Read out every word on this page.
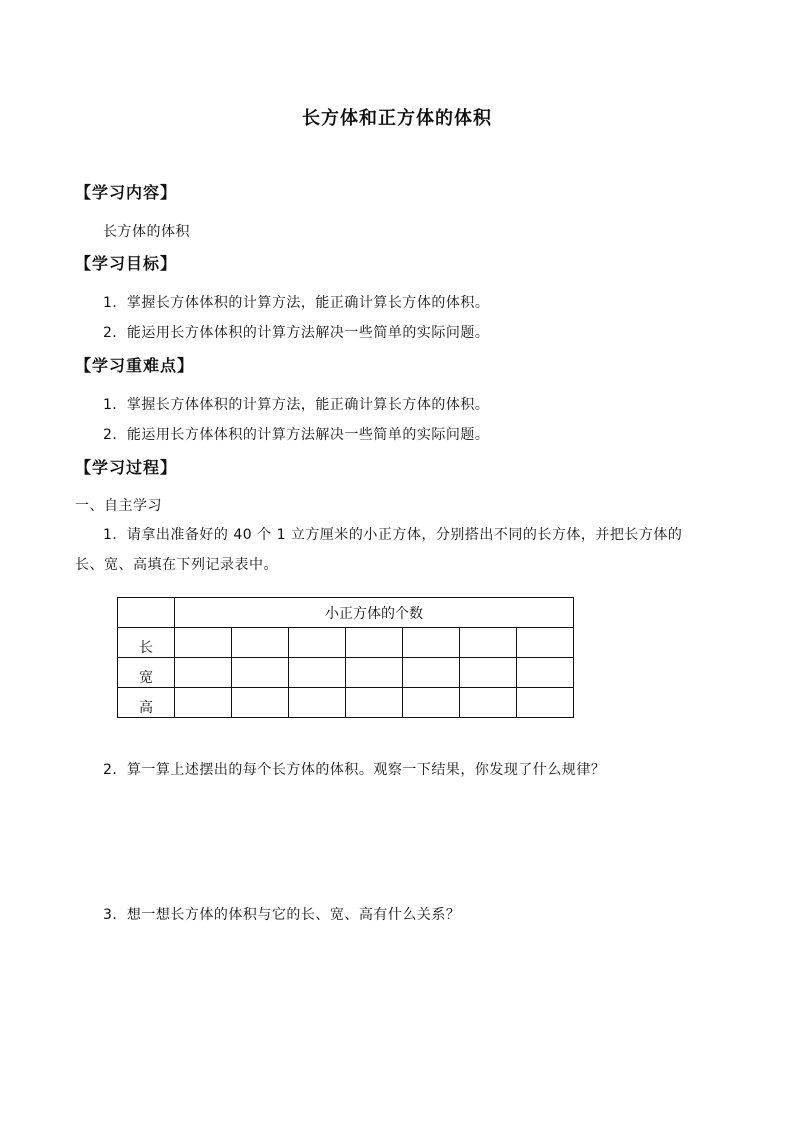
长方体和正方体的体积
【学习内容】
长方体的体积
【学习目标】
1．掌握长方体体积的计算方法，能正确计算长方体的体积。
2．能运用长方体体积的计算方法解决一些简单的实际问题。
【学习重难点】
1．掌握长方体体积的计算方法，能正确计算长方体的体积。
2．能运用长方体体积的计算方法解决一些简单的实际问题。
【学习过程】
一、自主学习
1．请拿出准备好的 40 个 1 立方厘米的小正方体，分别搭出不同的长方体，并把长方体的
长、宽、高填在下列记录表中。
	小正方体的个数						
长							
宽							
高							
2．算一算上述摆出的每个长方体的体积。观察一下结果，你发现了什么规律？
3．想一想长方体的体积与它的长、宽、高有什么关系？
